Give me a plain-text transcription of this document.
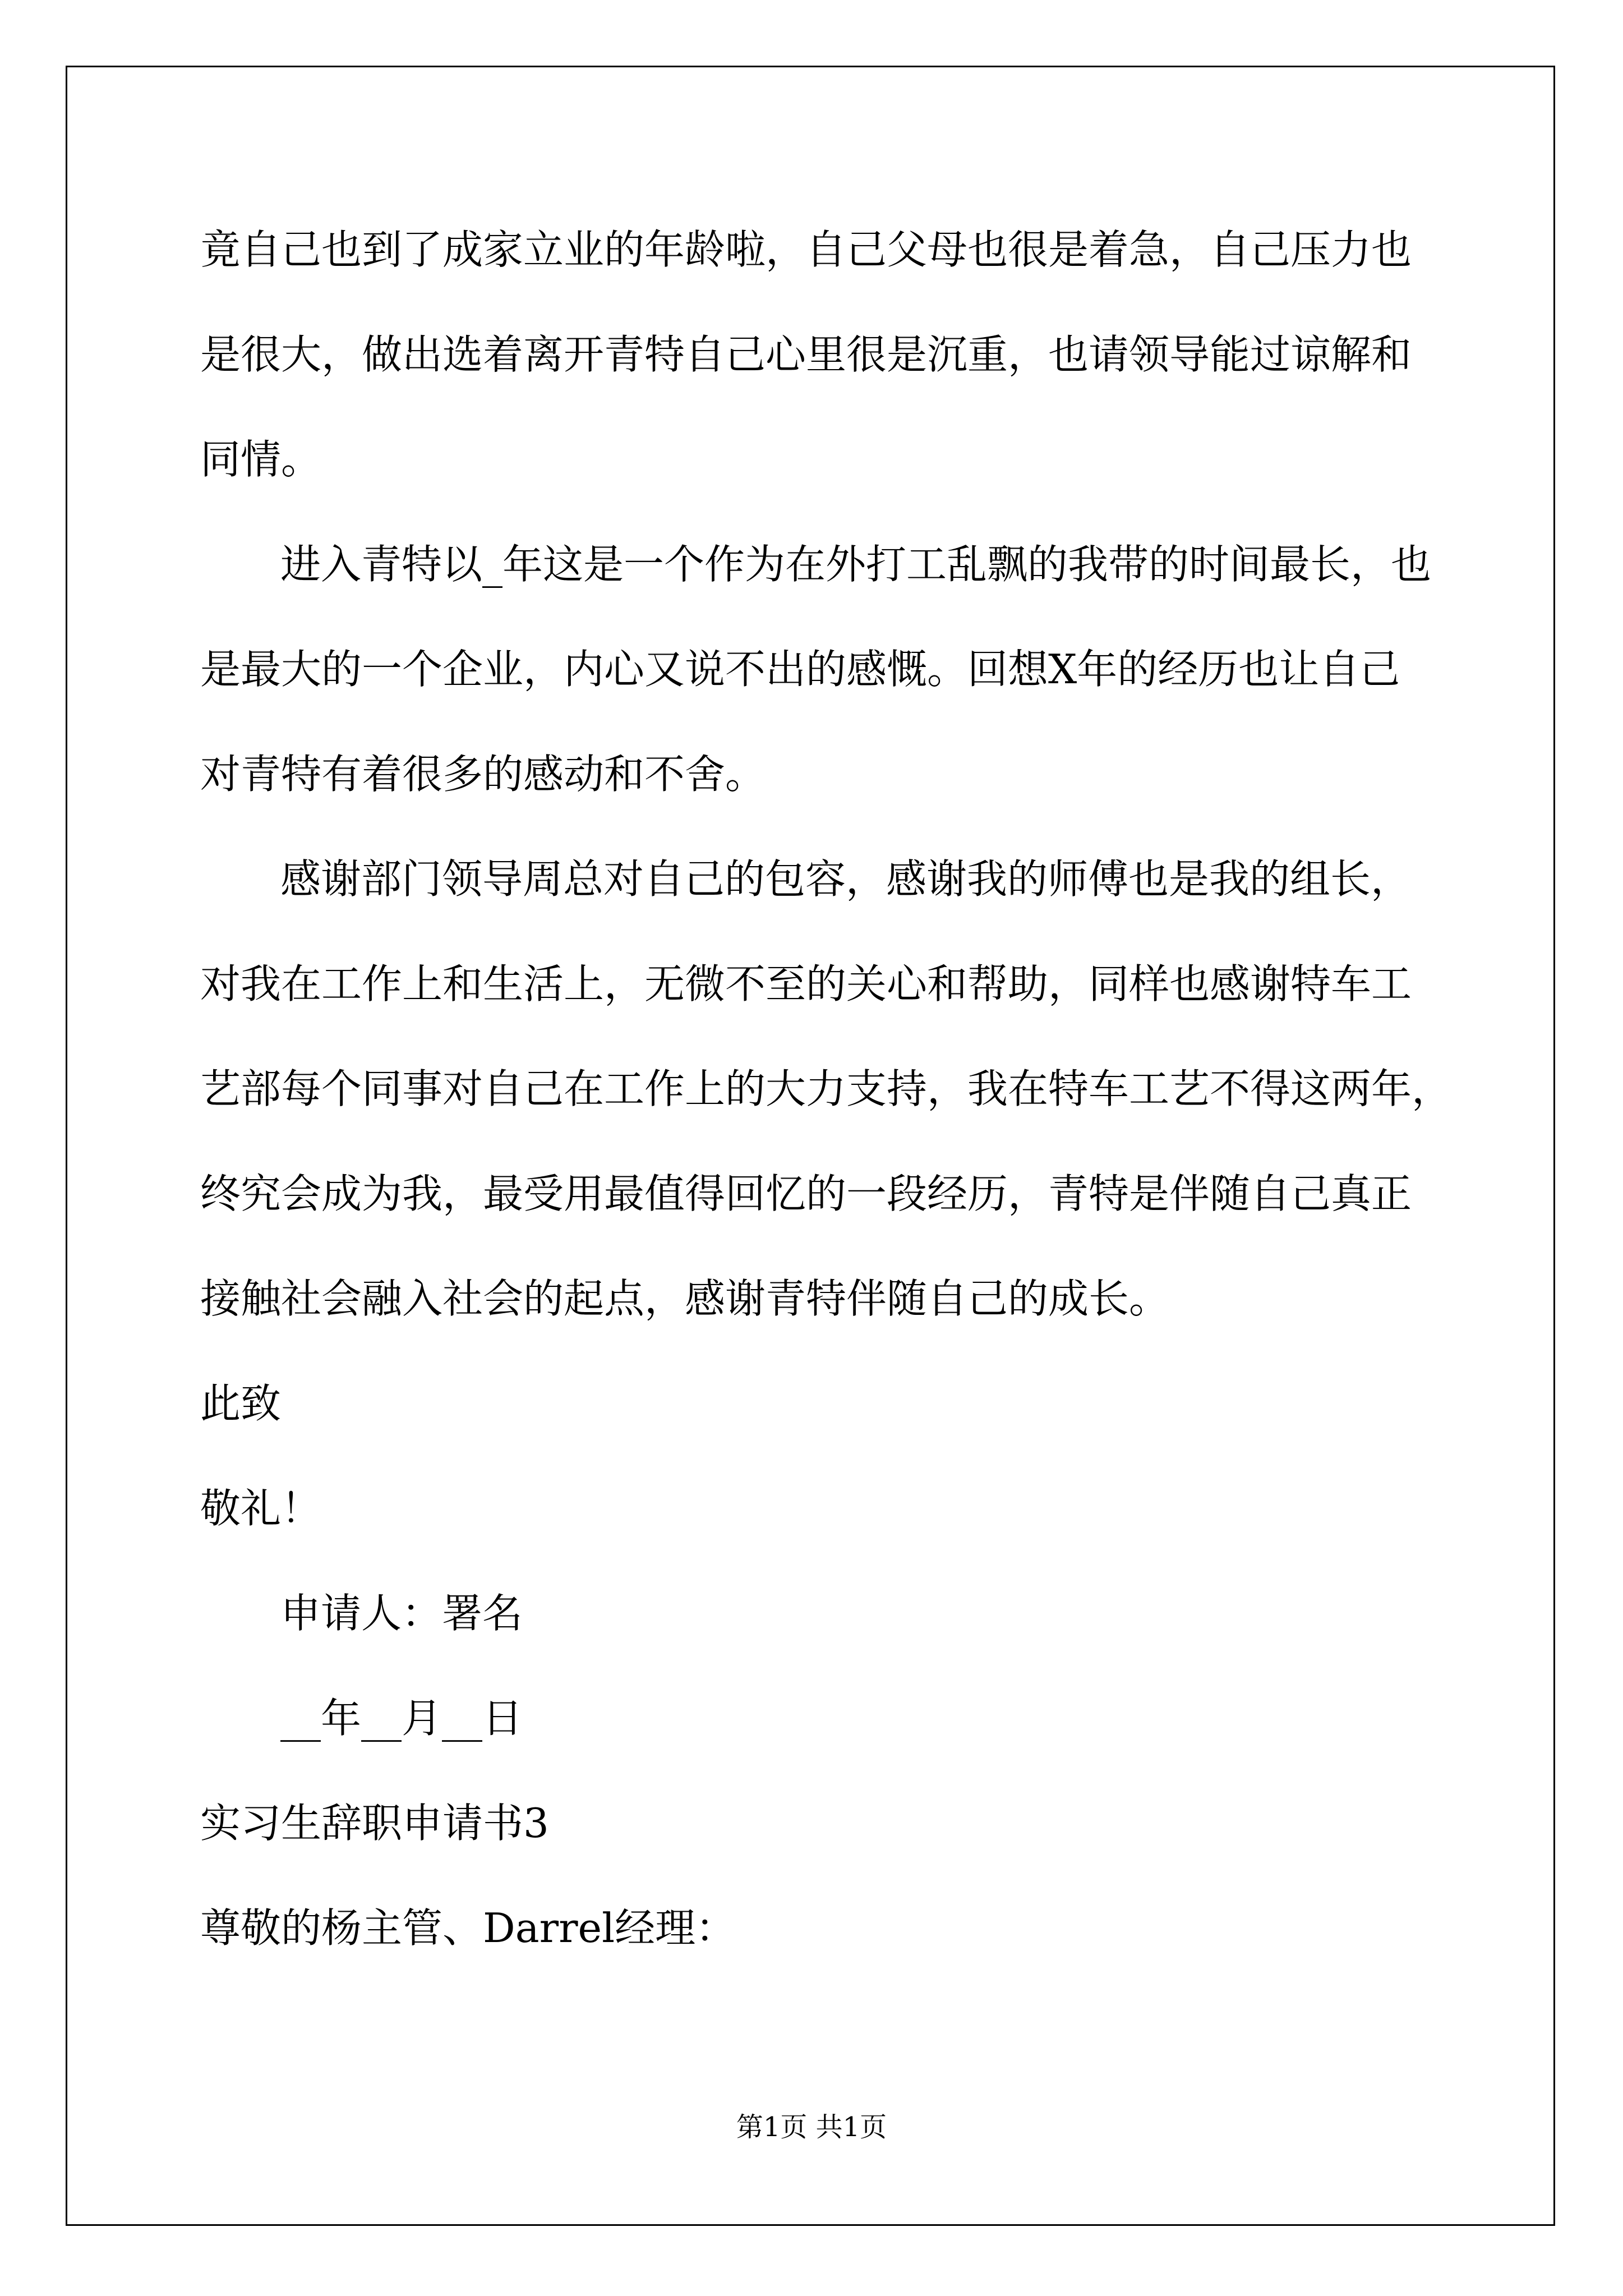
竟自己也到了成家立业的年龄啦，自己父母也很是着急，自己压力也

是很大，做出选着离开青特自己心里很是沉重，也请领导能过谅解和

同情。

进入青特以_年这是一个作为在外打工乱飘的我带的时间最长，也

是最大的一个企业，内心又说不出的感慨。回想X年的经历也让自己

对青特有着很多的感动和不舍。

感谢部门领导周总对自己的包容，感谢我的师傅也是我的组长，

对我在工作上和生活上，无微不至的关心和帮助，同样也感谢特车工

艺部每个同事对自己在工作上的大力支持，我在特车工艺不得这两年，

终究会成为我，最受用最值得回忆的一段经历，青特是伴随自己真正

接触社会融入社会的起点，感谢青特伴随自己的成长。

此致

敬礼！

申请人：署名

__年__月__日

实习生辞职申请书3

尊敬的杨主管、Darrel经理：

第1页 共1页
